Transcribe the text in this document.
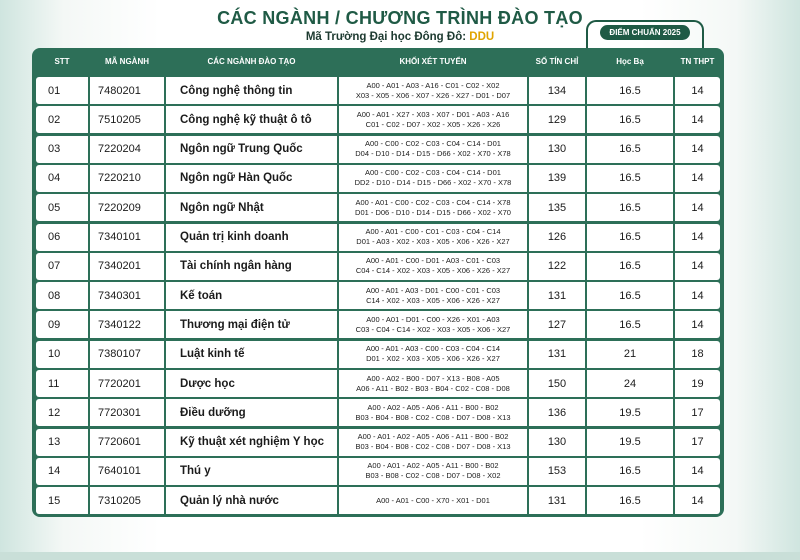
CÁC NGÀNH / CHƯƠNG TRÌNH ĐÀO TẠO
Mã Trường Đại học Đông Đô: DDU	ĐIỂM CHUẨN 2025
STT	MÃ NGÀNH	CÁC NGÀNH ĐÀO TẠO	KHỐI XÉT TUYỂN	SỐ TÍN CHỈ	Học Bạ	TN THPT
01	7480201	Công nghệ thông tin	A00 - A01 - A03 - A16 - C01 - C02 - X02
X03 - X05 - X06 - X07 - X26 - X27 - D01 - D07	134	16.5	14
02	7510205	Công nghệ kỹ thuật ô tô	A00 - A01 - X27 - X03 - X07 - D01 - A03 - A16
C01 - C02 - D07 - X02 - X05 - X26 - X26	129	16.5	14
03	7220204	Ngôn ngữ Trung Quốc	A00 - C00 - C02 - C03 - C04 - C14 - D01
D04 - D10 - D14 - D15 - D66 - X02 - X70 - X78	130	16.5	14
04	7220210	Ngôn ngữ Hàn Quốc	A00 - C00 - C02 - C03 - C04 - C14 - D01
DD2 - D10 - D14 - D15 - D66 - X02 - X70 - X78	139	16.5	14
05	7220209	Ngôn ngữ Nhật	A00 - A01 - C00 - C02 - C03 - C04 - C14 - X78
D01 - D06 - D10 - D14 - D15 - D66 - X02 - X70	135	16.5	14
06	7340101	Quản trị kinh doanh	A00 - A01 - C00 - C01 - C03 - C04 - C14
D01 - A03 - X02 - X03 - X05 - X06 - X26 - X27	126	16.5	14
07	7340201	Tài chính ngân hàng	A00 - A01 - C00 - D01 - A03 - C01 - C03
C04 - C14 - X02 - X03 - X05 - X06 - X26 - X27	122	16.5	14
08	7340301	Kế toán	A00 - A01 - A03 - D01 - C00 - C01 - C03
C14 - X02 - X03 - X05 - X06 - X26 - X27	131	16.5	14
09	7340122	Thương mại điện tử	A00 - A01 - D01 - C00 - X26 - X01 - A03
C03 - C04 - C14 - X02 - X03 - X05 - X06 - X27	127	16.5	14
10	7380107	Luật kinh tế	A00 - A01 - A03 - C00 - C03 - C04 - C14
D01 - X02 - X03 - X05 - X06 - X26 - X27	131	21	18
11	7720201	Dược học	A00 - A02 - B00 - D07 - X13 - B08 - A05
A06 - A11 - B02 - B03 - B04 - C02 - C08 - D08	150	24	19
12	7720301	Điều dưỡng	A00 - A02 - A05 - A06 - A11 - B00 - B02
B03 - B04 - B08 - C02 - C08 - D07 - D08 - X13	136	19.5	17
13	7720601	Kỹ thuật xét nghiệm Y học	A00 - A01 - A02 - A05 - A06 - A11 - B00 - B02
B03 - B04 - B08 - C02 - C08 - D07 - D08 - X13	130	19.5	17
14	7640101	Thú y	A00 - A01 - A02 - A05 - A11 - B00 - B02
B03 - B08 - C02 - C08 - D07 - D08 - X02	153	16.5	14
15	7310205	Quản lý nhà nước	A00 - A01 - C00 - X70 - X01 - D01	131	16.5	14
